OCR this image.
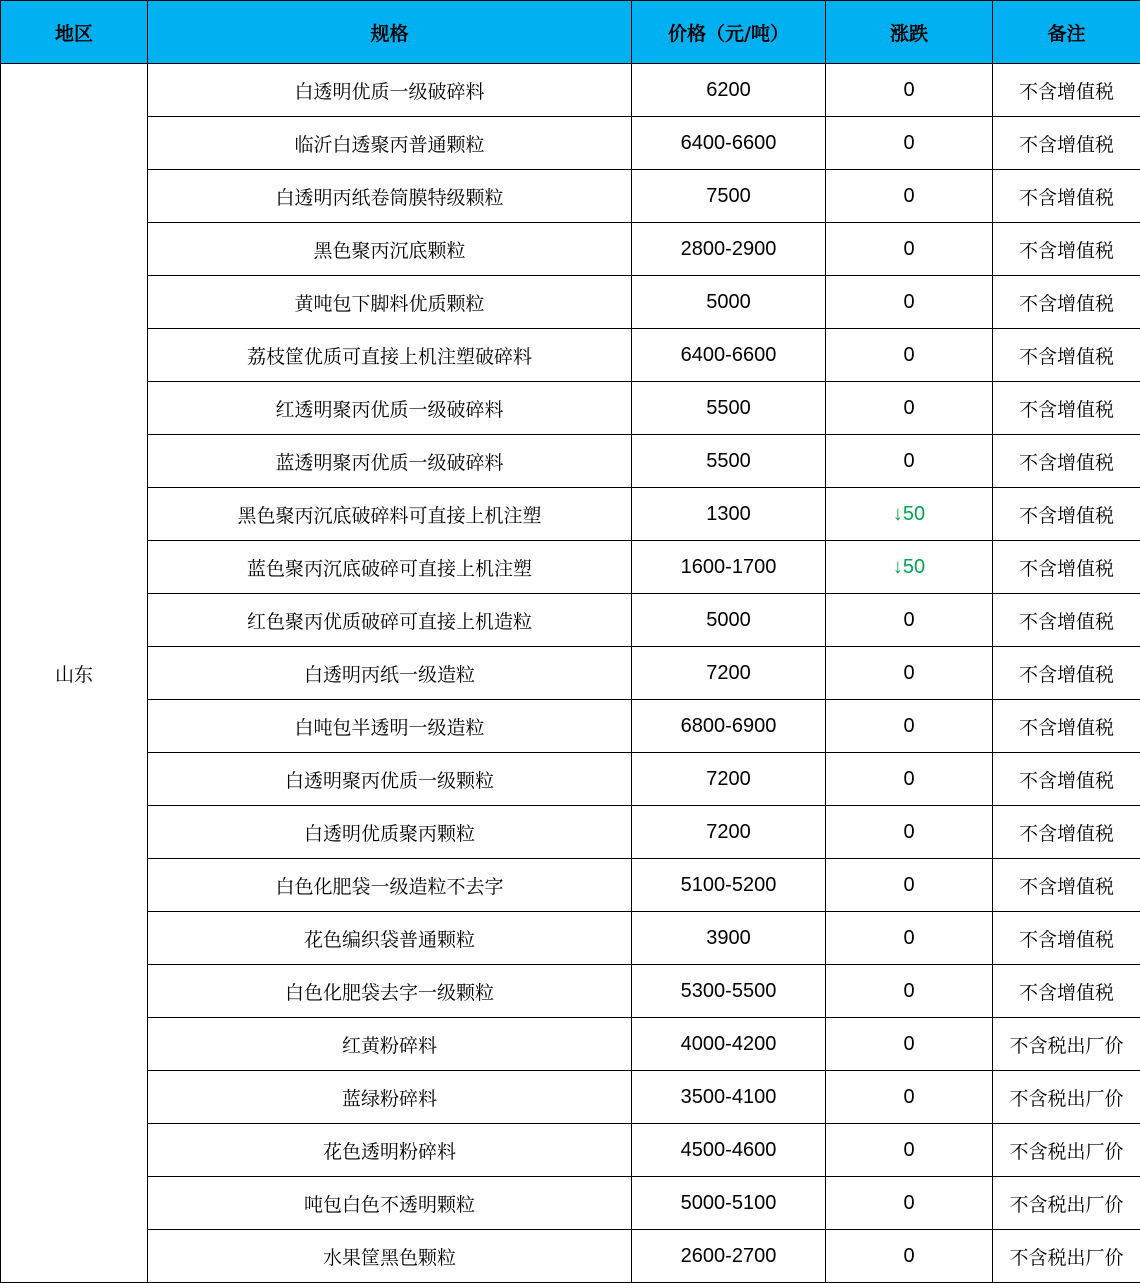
地区	规格	价格（元/吨）	涨跌	备注
山东	白透明优质一级破碎料	6200	0	不含增值税
	临沂白透聚丙普通颗粒	6400-6600	0	不含增值税
	白透明丙纸卷筒膜特级颗粒	7500	0	不含增值税
	黑色聚丙沉底颗粒	2800-2900	0	不含增值税
	黄吨包下脚料优质颗粒	5000	0	不含增值税
	荔枝筐优质可直接上机注塑破碎料	6400-6600	0	不含增值税
	红透明聚丙优质一级破碎料	5500	0	不含增值税
	蓝透明聚丙优质一级破碎料	5500	0	不含增值税
	黑色聚丙沉底破碎料可直接上机注塑	1300	↓50	不含增值税
	蓝色聚丙沉底破碎可直接上机注塑	1600-1700	↓50	不含增值税
	红色聚丙优质破碎可直接上机造粒	5000	0	不含增值税
	白透明丙纸一级造粒	7200	0	不含增值税
	白吨包半透明一级造粒	6800-6900	0	不含增值税
	白透明聚丙优质一级颗粒	7200	0	不含增值税
	白透明优质聚丙颗粒	7200	0	不含增值税
	白色化肥袋一级造粒不去字	5100-5200	0	不含增值税
	花色编织袋普通颗粒	3900	0	不含增值税
	白色化肥袋去字一级颗粒	5300-5500	0	不含增值税
	红黄粉碎料	4000-4200	0	不含税出厂价
	蓝绿粉碎料	3500-4100	0	不含税出厂价
	花色透明粉碎料	4500-4600	0	不含税出厂价
	吨包白色不透明颗粒	5000-5100	0	不含税出厂价
	水果筐黑色颗粒	2600-2700	0	不含税出厂价
